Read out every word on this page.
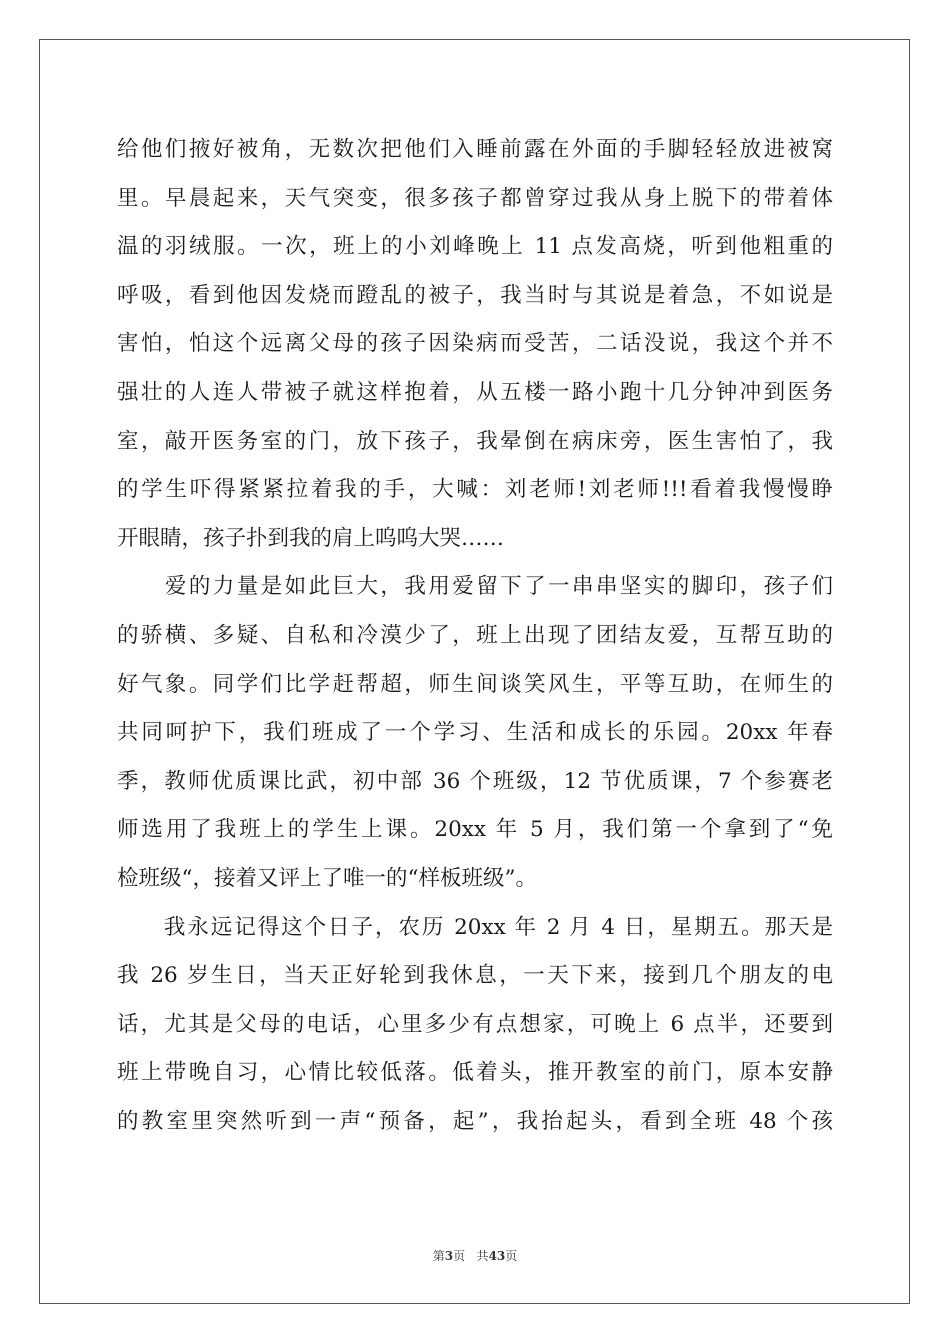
给他们掖好被角，无数次把他们入睡前露在外面的手脚轻轻放进被窝
里。早晨起来，天气突变，很多孩子都曾穿过我从身上脱下的带着体
温的羽绒服。一次，班上的小刘峰晚上 11 点发高烧，听到他粗重的
呼吸，看到他因发烧而蹬乱的被子，我当时与其说是着急，不如说是
害怕，怕这个远离父母的孩子因染病而受苦，二话没说，我这个并不
强壮的人连人带被子就这样抱着，从五楼一路小跑十几分钟冲到医务
室，敲开医务室的门，放下孩子，我晕倒在病床旁，医生害怕了，我
的学生吓得紧紧拉着我的手，大喊：刘老师!刘老师!!!看着我慢慢睁
开眼睛，孩子扑到我的肩上呜呜大哭……
　　爱的力量是如此巨大，我用爱留下了一串串坚实的脚印，孩子们
的骄横、多疑、自私和冷漠少了，班上出现了团结友爱，互帮互助的
好气象。同学们比学赶帮超，师生间谈笑风生，平等互助，在师生的
共同呵护下，我们班成了一个学习、生活和成长的乐园。20xx 年春
季，教师优质课比武，初中部 36 个班级，12 节优质课，7 个参赛老
师选用了我班上的学生上课。20xx 年 5 月，我们第一个拿到了“免
检班级“，接着又评上了唯一的“样板班级”。
　　我永远记得这个日子，农历 20xx 年 2 月 4 日，星期五。那天是
我 26 岁生日，当天正好轮到我休息，一天下来，接到几个朋友的电
话，尤其是父母的电话，心里多少有点想家，可晚上 6 点半，还要到
班上带晚自习，心情比较低落。低着头，推开教室的前门，原本安静
的教室里突然听到一声“预备，起”，我抬起头，看到全班 48 个孩
第3页 共43页
